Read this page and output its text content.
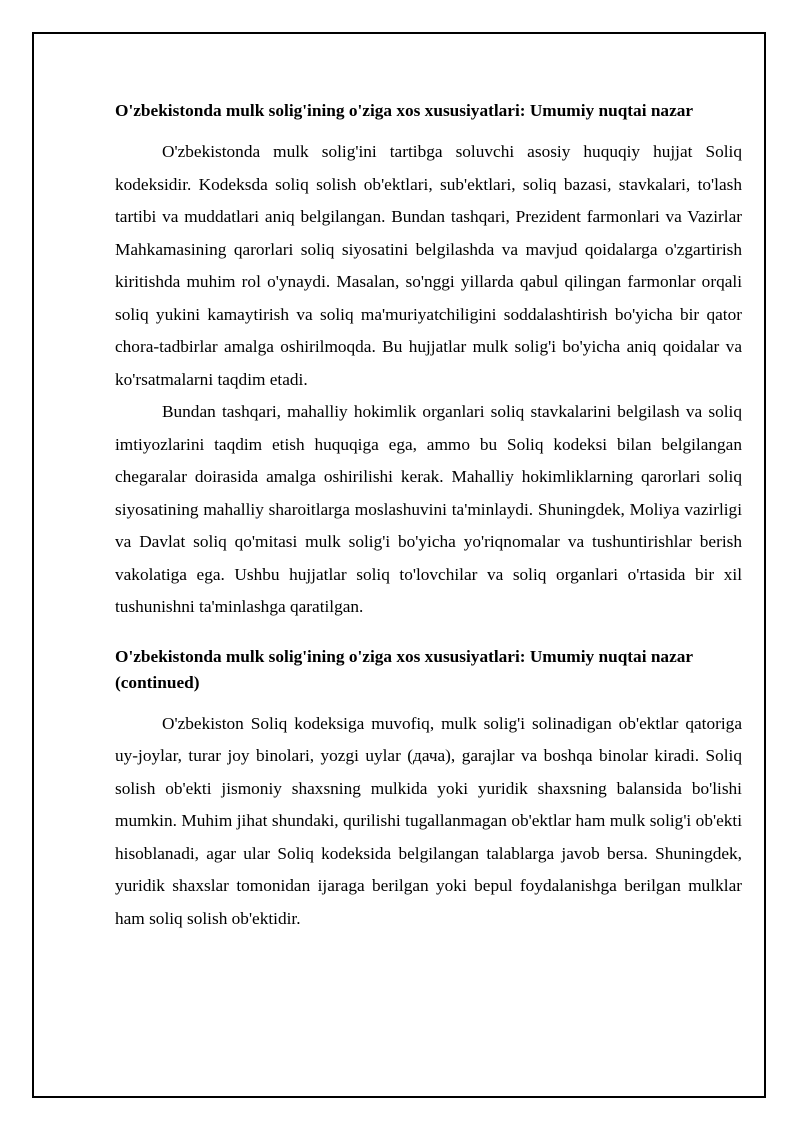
O'zbekistonda mulk solig'ining o'ziga xos xususiyatlari: Umumiy nuqtai nazar

O'zbekistonda mulk solig'ini tartibga soluvchi asosiy huquqiy hujjat Soliq kodeksidir. Kodeksda soliq solish ob'ektlari, sub'ektlari, soliq bazasi, stavkalari, to'lash tartibi va muddatlari aniq belgilangan. Bundan tashqari, Prezident farmonlari va Vazirlar Mahkamasining qarorlari soliq siyosatini belgilashda va mavjud qoidalarga o'zgartirish kiritishda muhim rol o'ynaydi. Masalan, so'nggi yillarda qabul qilingan farmonlar orqali soliq yukini kamaytirish va soliq ma'muriyatchiligini soddalashtirish bo'yicha bir qator chora-tadbirlar amalga oshirilmoqda. Bu hujjatlar mulk solig'i bo'yicha aniq qoidalar va ko'rsatmalarni taqdim etadi.

Bundan tashqari, mahalliy hokimlik organlari soliq stavkalarini belgilash va soliq imtiyozlarini taqdim etish huquqiga ega, ammo bu Soliq kodeksi bilan belgilangan chegaralar doirasida amalga oshirilishi kerak. Mahalliy hokimliklarning qarorlari soliq siyosatining mahalliy sharoitlarga moslashuvini ta'minlaydi. Shuningdek, Moliya vazirligi va Davlat soliq qo'mitasi mulk solig'i bo'yicha yo'riqnomalar va tushuntirishlar berish vakolatiga ega. Ushbu hujjatlar soliq to'lovchilar va soliq organlari o'rtasida bir xil tushunishni ta'minlashga qaratilgan.

O'zbekistonda mulk solig'ining o'ziga xos xususiyatlari: Umumiy nuqtai nazar (continued)

O'zbekiston Soliq kodeksiga muvofiq, mulk solig'i solinadigan ob'ektlar qatoriga uy-joylar, turar joy binolari, yozgi uylar (дача), garajlar va boshqa binolar kiradi. Soliq solish ob'ekti jismoniy shaxsning mulkida yoki yuridik shaxsning balansida bo'lishi mumkin. Muhim jihat shundaki, qurilishi tugallanmagan ob'ektlar ham mulk solig'i ob'ekti hisoblanadi, agar ular Soliq kodeksida belgilangan talablarga javob bersa. Shuningdek, yuridik shaxslar tomonidan ijaraga berilgan yoki bepul foydalanishga berilgan mulklar ham soliq solish ob'ektidir.
